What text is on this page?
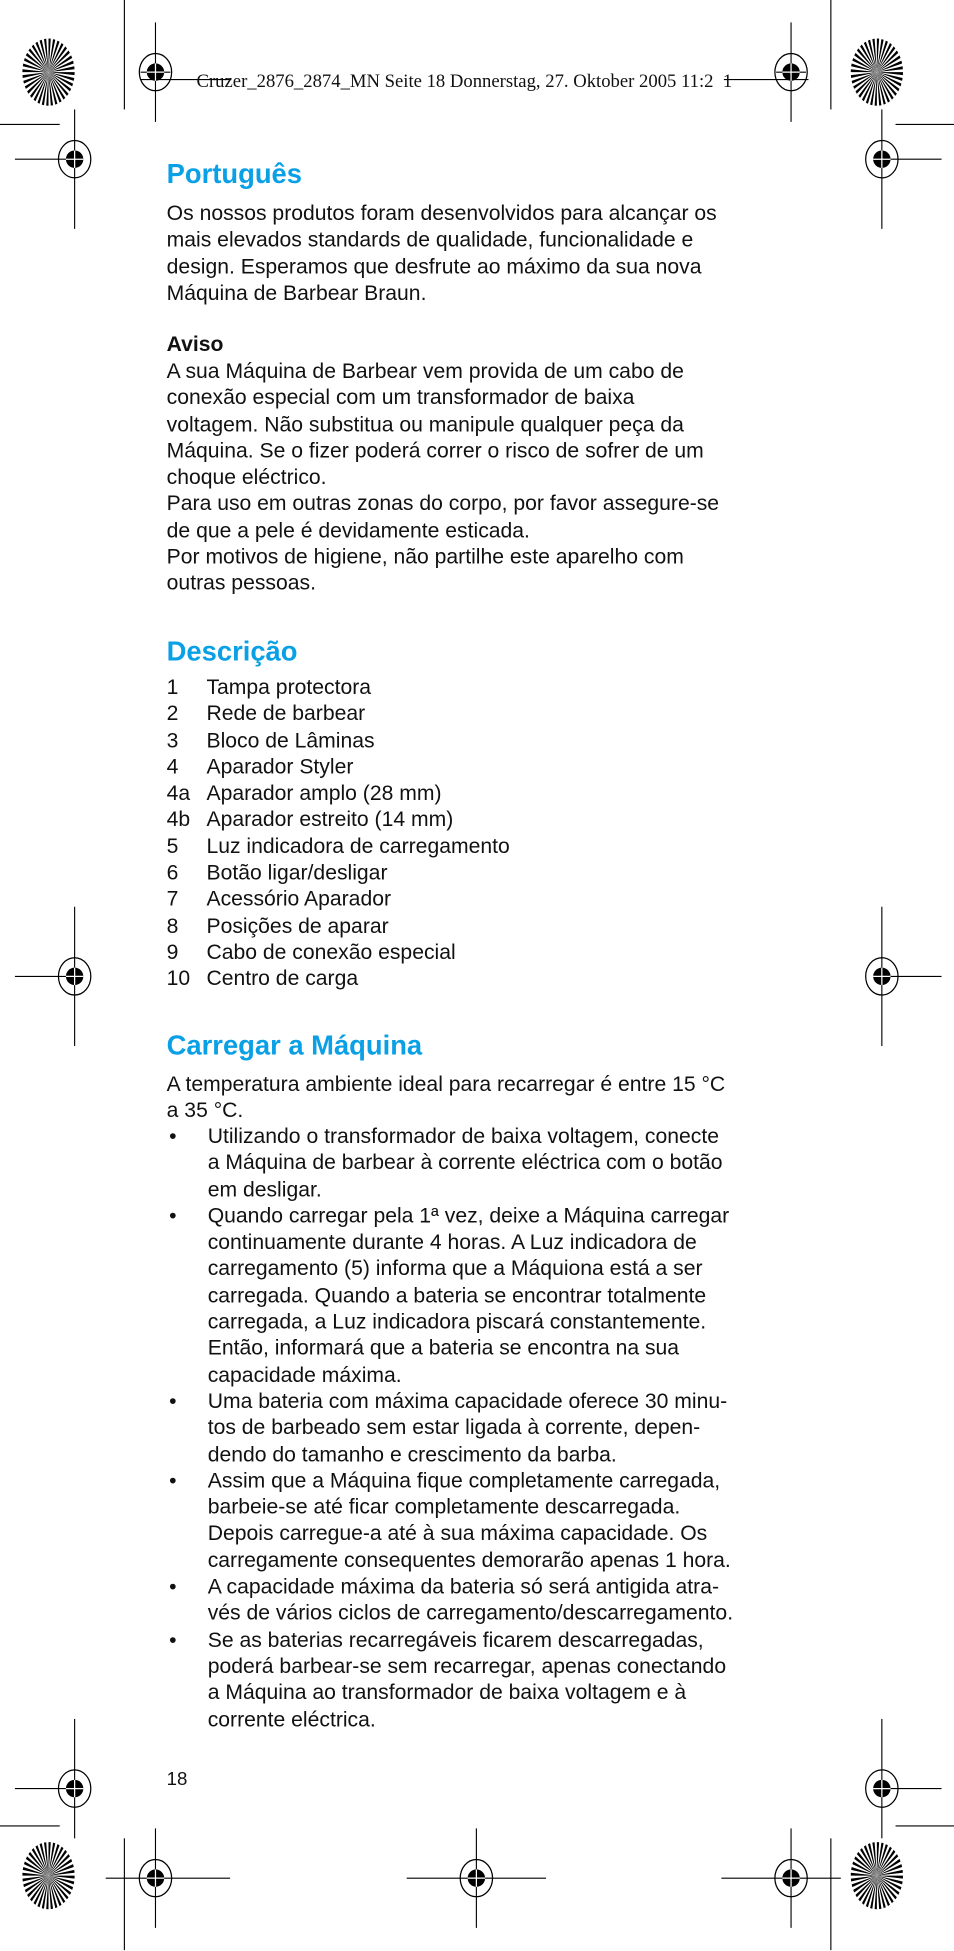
Cruzer_2876_2874_MN Seite 18 Donnerstag, 27. Oktober 2005 11:2  1
Português
Os nossos produtos foram desenvolvidos para alcançar os
mais elevados standards de qualidade, funcionalidade e
design. Esperamos que desfrute ao máximo da sua nova
Máquina de Barbear Braun.
Aviso
A sua Máquina de Barbear vem provida de um cabo de
conexão especial com um transformador de baixa
voltagem. Não substitua ou manipule qualquer peça da
Máquina. Se o fizer poderá correr o risco de sofrer de um
choque eléctrico.
Para uso em outras zonas do corpo, por favor assegure-se
de que a pele é devidamente esticada.
Por motivos de higiene, não partilhe este aparelho com
outras pessoas.
Descrição
1	Tampa protectora
2	Rede de barbear
3	Bloco de Lâminas
4	Aparador Styler
4a Aparador amplo (28 mm)
4b Aparador estreito (14 mm)
5	Luz indicadora de carregamento
6	Botão ligar/desligar
7	Acessório Aparador
8	Posições de aparar
9	Cabo de conexão especial
10 Centro de carga
Carregar a Máquina
A temperatura ambiente ideal para recarregar é entre 15 °C
a 35 °C.
•	Utilizando o transformador de baixa voltagem, conecte
a Máquina de barbear à corrente eléctrica com o botão
em desligar.
•	Quando carregar pela 1ª vez, deixe a Máquina carregar
continuamente durante 4 horas. A Luz indicadora de
carregamento (5) informa que a Máquiona está a ser
carregada. Quando a bateria se encontrar totalmente
carregada, a Luz indicadora piscará constantemente.
Então, informará que a bateria se encontra na sua
capacidade máxima.
•	Uma bateria com máxima capacidade oferece 30 minu-
tos de barbeado sem estar ligada à corrente, depen-
dendo do tamanho e crescimento da barba.
•	Assim que a Máquina fique completamente carregada,
barbeie-se até ficar completamente descarregada.
Depois carregue-a até à sua máxima capacidade. Os
carregamente consequentes demorarão apenas 1 hora.
•	A capacidade máxima da bateria só será antigida atra-
vés de vários ciclos de carregamento/descarregamento.
•	Se as baterias recarregáveis ficarem descarregadas,
poderá barbear-se sem recarregar, apenas conectando
a Máquina ao transformador de baixa voltagem e à
corrente eléctrica.
18
